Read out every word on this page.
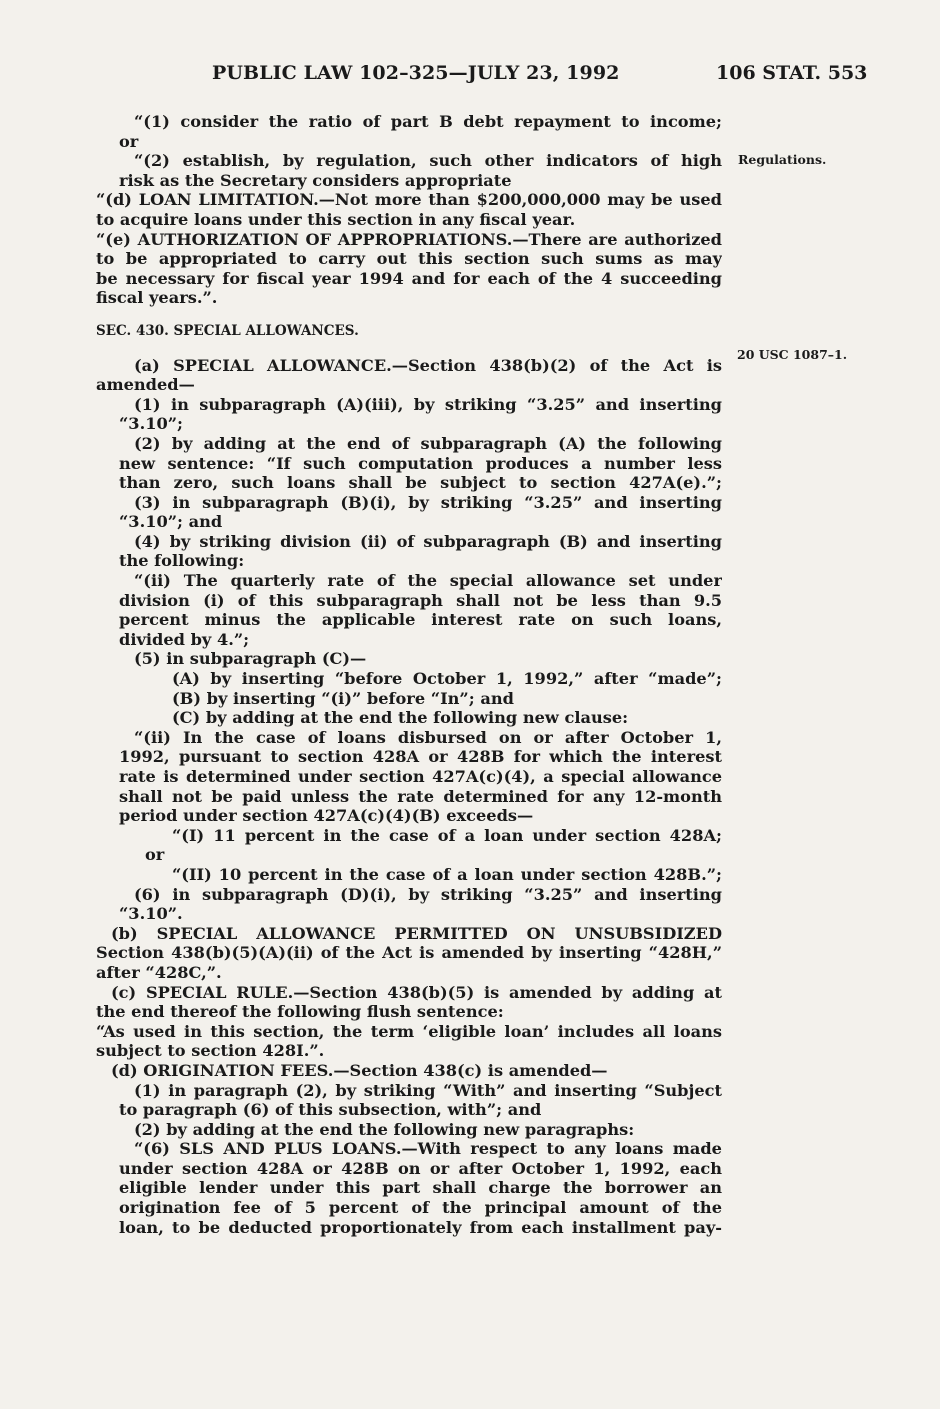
PUBLIC LAW 102–325—JULY 23, 1992	106 STAT. 553
Regulations.
20 USC 1087–1.
“(1) consider the ratio of part B debt repayment to income;
or
“(2) establish, by regulation, such other indicators of high
risk as the Secretary considers appropriate
“(d) LOAN LIMITATION.—Not more than $200,000,000 may be used
to acquire loans under this section in any fiscal year.
“(e) AUTHORIZATION OF APPROPRIATIONS.—There are authorized
to be appropriated to carry out this section such sums as may
be necessary for fiscal year 1994 and for each of the 4 succeeding
fiscal years.”.
SEC. 430. SPECIAL ALLOWANCES.
(a) SPECIAL ALLOWANCE.—Section 438(b)(2) of the Act is
amended—
(1) in subparagraph (A)(iii), by striking “3.25” and inserting
“3.10”;
(2) by adding at the end of subparagraph (A) the following
new sentence: “If such computation produces a number less
than zero, such loans shall be subject to section 427A(e).”;
(3) in subparagraph (B)(i), by striking “3.25” and inserting
“3.10”; and
(4) by striking division (ii) of subparagraph (B) and inserting
the following:
“(ii) The quarterly rate of the special allowance set under
division (i) of this subparagraph shall not be less than 9.5
percent minus the applicable interest rate on such loans,
divided by 4.”;
(5) in subparagraph (C)—
(A) by inserting “before October 1, 1992,” after “made”;
(B) by inserting “(i)” before “In”; and
(C) by adding at the end the following new clause:
“(ii) In the case of loans disbursed on or after October 1,
1992, pursuant to section 428A or 428B for which the interest
rate is determined under section 427A(c)(4), a special allowance
shall not be paid unless the rate determined for any 12-month
period under section 427A(c)(4)(B) exceeds—
“(I) 11 percent in the case of a loan under section 428A;
or
“(II) 10 percent in the case of a loan under section 428B.”;
(6) in subparagraph (D)(i), by striking “3.25” and inserting
“3.10”.
(b) SPECIAL ALLOWANCE PERMITTED ON UNSUBSIDIZED
Section 438(b)(5)(A)(ii) of the Act is amended by inserting “428H,”
after “428C,”.
(c) SPECIAL RULE.—Section 438(b)(5) is amended by adding at
the end thereof the following flush sentence:
“As used in this section, the term ‘eligible loan’ includes all loans
subject to section 428I.”.
(d) ORIGINATION FEES.—Section 438(c) is amended—
(1) in paragraph (2), by striking “With” and inserting “Subject
to paragraph (6) of this subsection, with”; and
(2) by adding at the end the following new paragraphs:
“(6) SLS AND PLUS LOANS.—With respect to any loans made
under section 428A or 428B on or after October 1, 1992, each
eligible lender under this part shall charge the borrower an
origination fee of 5 percent of the principal amount of the
loan, to be deducted proportionately from each installment pay-
